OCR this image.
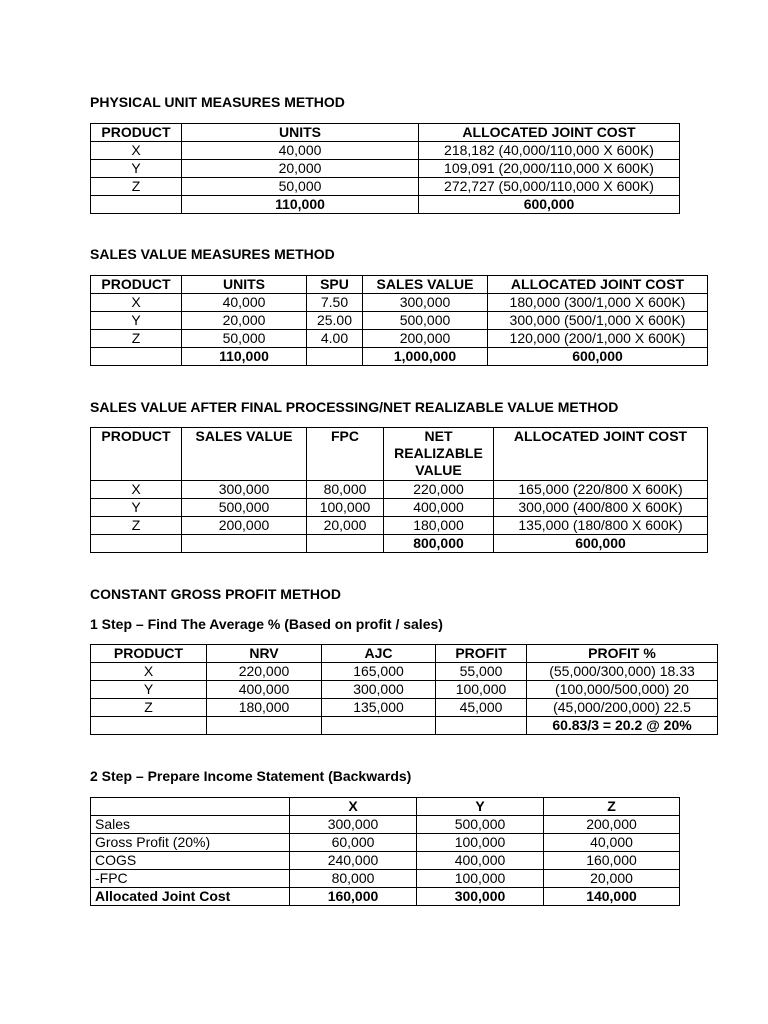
PHYSICAL UNIT MEASURES METHOD

PRODUCT	UNITS	ALLOCATED JOINT COST
X	40,000	218,182 (40,000/110,000 X 600K)
Y	20,000	109,091 (20,000/110,000 X 600K)
Z	50,000	272,727 (50,000/110,000 X 600K)
	110,000	600,000

SALES VALUE MEASURES METHOD

PRODUCT	UNITS	SPU	SALES VALUE	ALLOCATED JOINT COST
X	40,000	7.50	300,000	180,000 (300/1,000 X 600K)
Y	20,000	25.00	500,000	300,000 (500/1,000 X 600K)
Z	50,000	4.00	200,000	120,000 (200/1,000 X 600K)
	110,000		1,000,000	600,000

SALES VALUE AFTER FINAL PROCESSING/NET REALIZABLE VALUE METHOD

PRODUCT	SALES VALUE	FPC	NET REALIZABLE VALUE	ALLOCATED JOINT COST
X	300,000	80,000	220,000	165,000 (220/800 X 600K)
Y	500,000	100,000	400,000	300,000 (400/800 X 600K)
Z	200,000	20,000	180,000	135,000 (180/800 X 600K)
			800,000	600,000

CONSTANT GROSS PROFIT METHOD

1 Step – Find The Average % (Based on profit / sales)

PRODUCT	NRV	AJC	PROFIT	PROFIT %
X	220,000	165,000	55,000	(55,000/300,000) 18.33
Y	400,000	300,000	100,000	(100,000/500,000) 20
Z	180,000	135,000	45,000	(45,000/200,000) 22.5
				60.83/3 = 20.2 @ 20%

2 Step – Prepare Income Statement (Backwards)

	X	Y	Z
Sales	300,000	500,000	200,000
Gross Profit (20%)	60,000	100,000	40,000
COGS	240,000	400,000	160,000
-FPC	80,000	100,000	20,000
Allocated Joint Cost	160,000	300,000	140,000
